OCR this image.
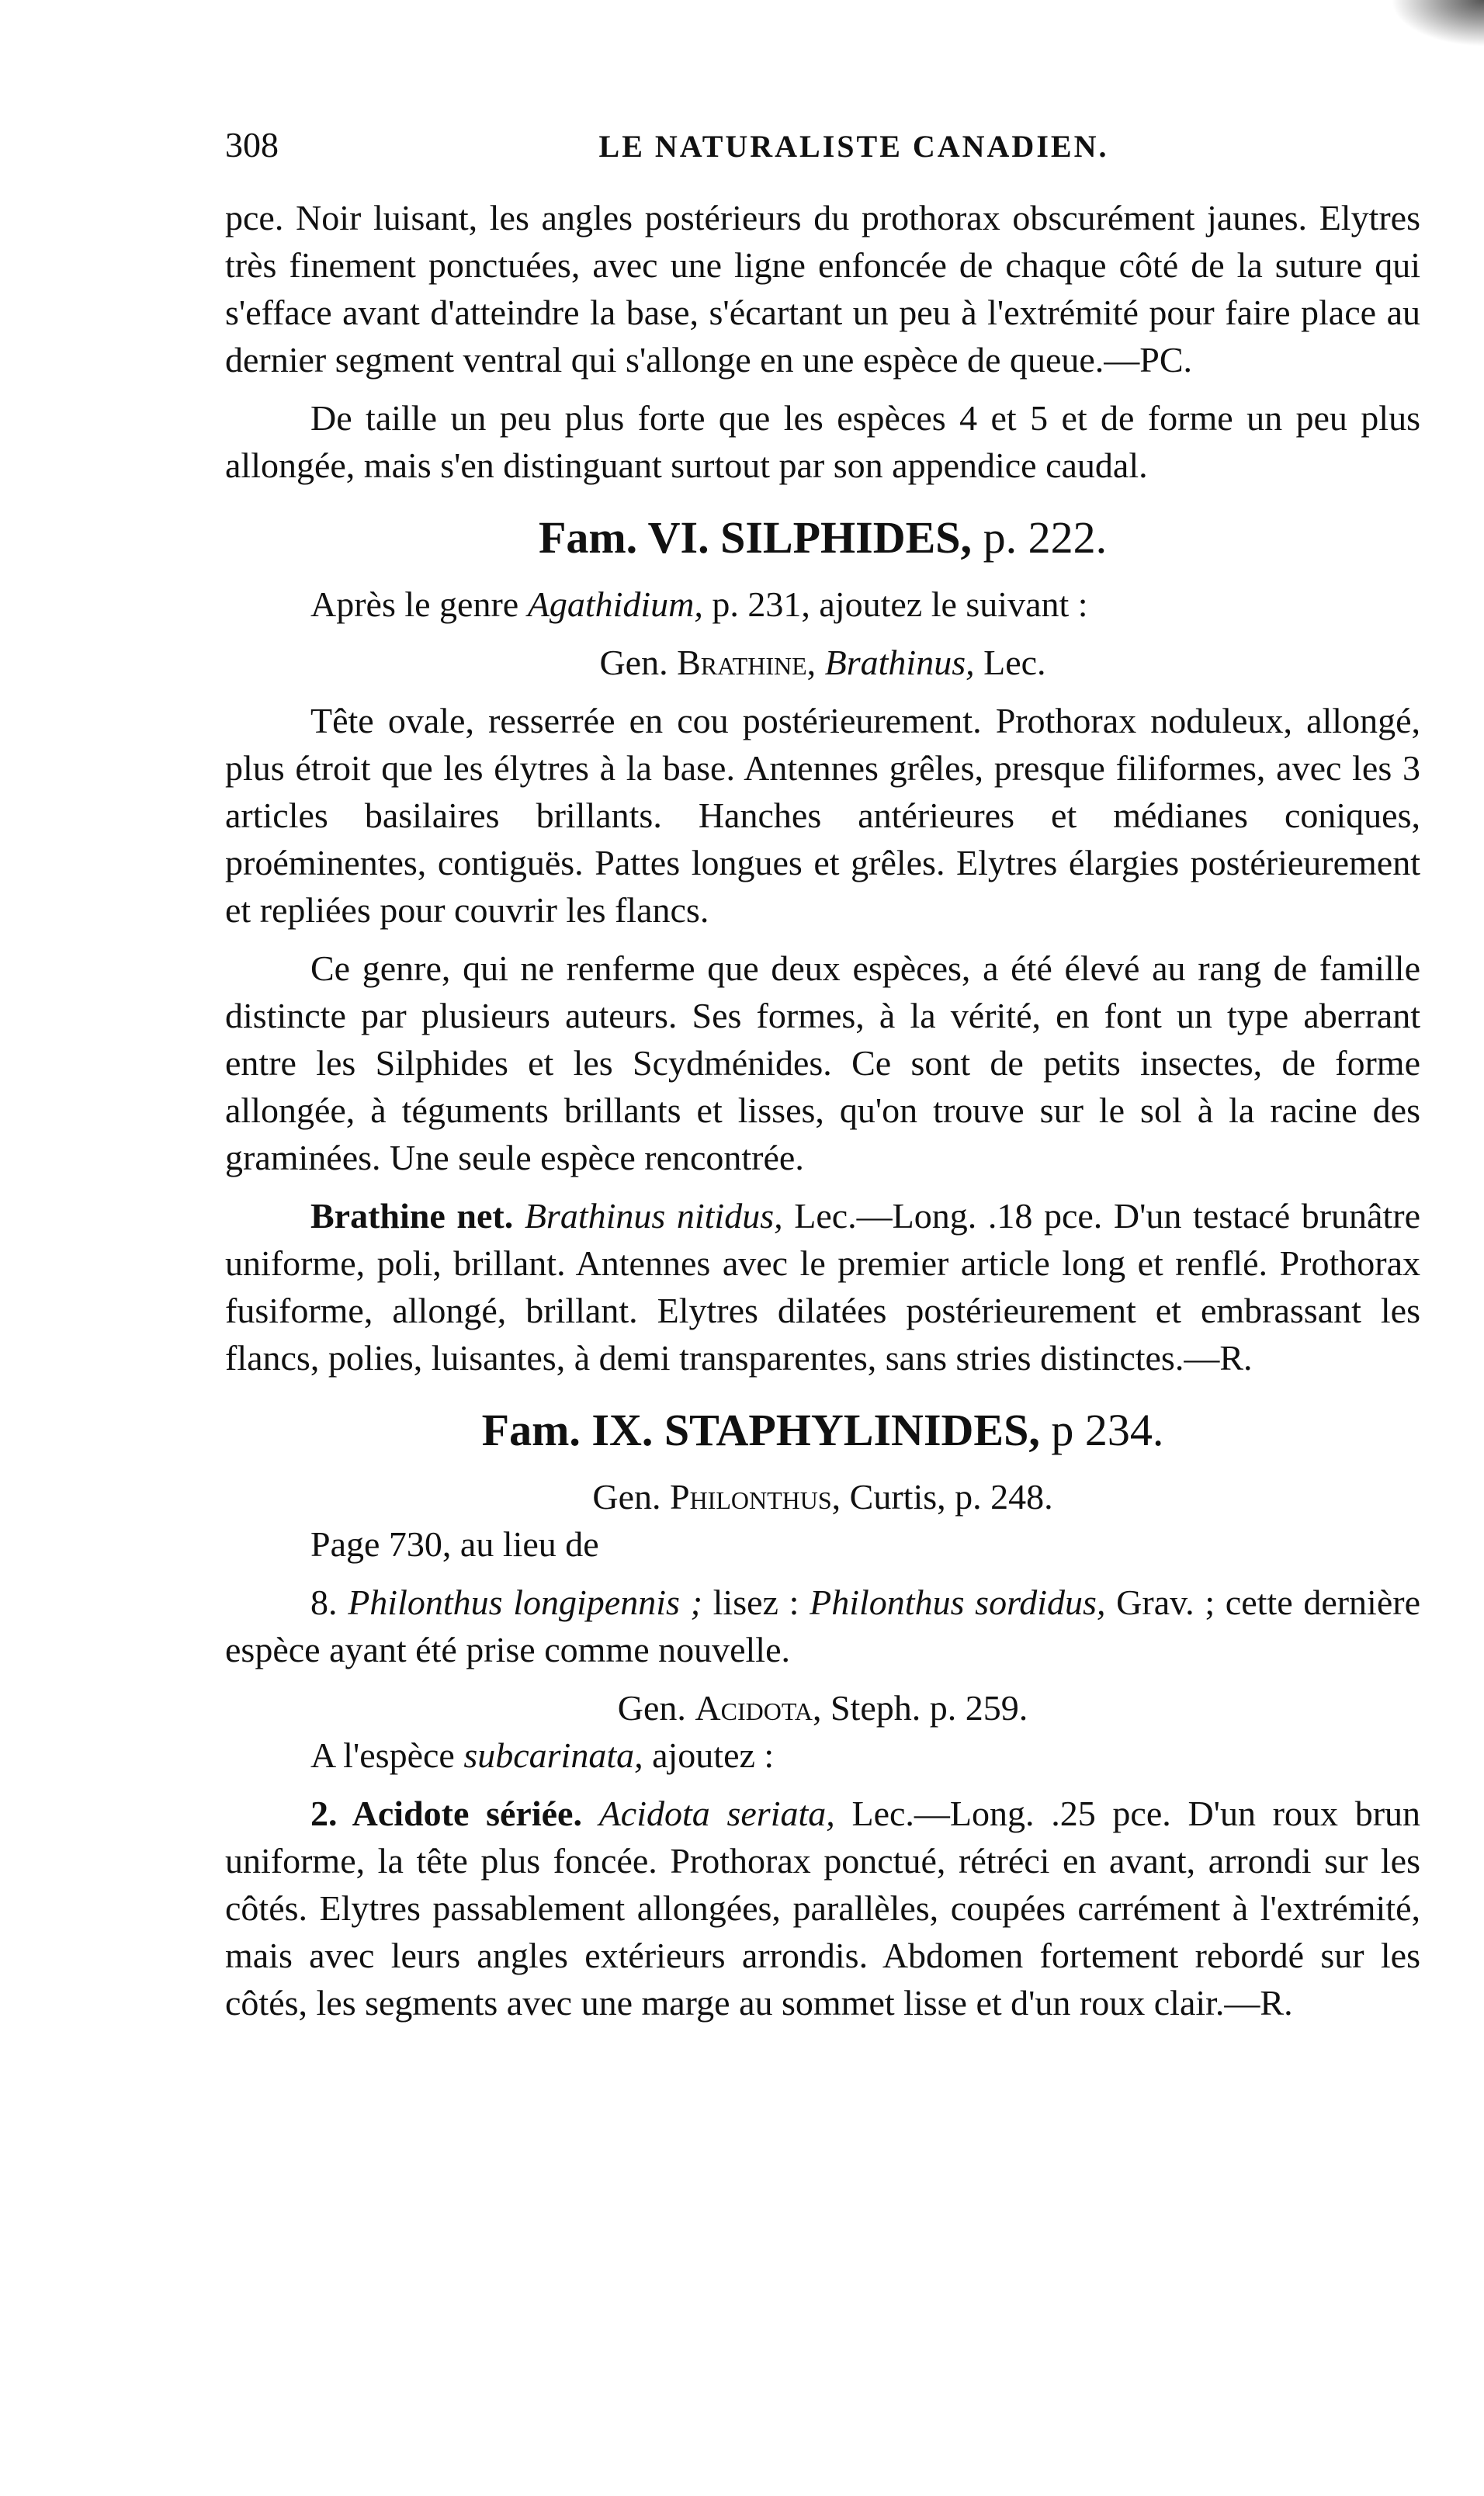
308	LE NATURALISTE CANADIEN.

pce. Noir luisant, les angles postérieurs du prothorax obscurément jaunes. Elytres très finement ponctuées, avec une ligne enfoncée de chaque côté de la suture qui s'efface avant d'atteindre la base, s'écartant un peu à l'extrémité pour faire place au dernier segment ventral qui s'allonge en une espèce de queue.—PC.

De taille un peu plus forte que les espèces 4 et 5 et de forme un peu plus allongée, mais s'en distinguant surtout par son appendice caudal.

Fam. VI. SILPHIDES, p. 222.

Après le genre Agathidium, p. 231, ajoutez le suivant :

Gen. Brathine, Brathinus, Lec.

Tête ovale, resserrée en cou postérieurement. Prothorax noduleux, allongé, plus étroit que les élytres à la base. Antennes grêles, presque filiformes, avec les 3 articles basilaires brillants. Hanches antérieures et médianes coniques, proéminentes, contiguës. Pattes longues et grêles. Elytres élargies postérieurement et repliées pour couvrir les flancs.

Ce genre, qui ne renferme que deux espèces, a été élevé au rang de famille distincte par plusieurs auteurs. Ses formes, à la vérité, en font un type aberrant entre les Silphides et les Scydménides. Ce sont de petits insectes, de forme allongée, à téguments brillants et lisses, qu'on trouve sur le sol à la racine des graminées. Une seule espèce rencontrée.

Brathine net. Brathinus nitidus, Lec.—Long. .18 pce. D'un testacé brunâtre uniforme, poli, brillant. Antennes avec le premier article long et renflé. Prothorax fusiforme, allongé, brillant. Elytres dilatées postérieurement et embrassant les flancs, polies, luisantes, à demi transparentes, sans stries distinctes.—R.

Fam. IX. STAPHYLINIDES, p 234.

Gen. Philonthus, Curtis, p. 248.

Page 730, au lieu de

8. Philonthus longipennis ; lisez : Philonthus sordidus, Grav. ; cette dernière espèce ayant été prise comme nouvelle.

Gen. Acidota, Steph. p. 259.

A l'espèce subcarinata, ajoutez :

2. Acidote sériée. Acidota seriata, Lec.—Long. .25 pce. D'un roux brun uniforme, la tête plus foncée. Prothorax ponctué, rétréci en avant, arrondi sur les côtés. Elytres passablement allongées, parallèles, coupées carrément à l'extrémité, mais avec leurs angles extérieurs arrondis. Abdomen fortement rebordé sur les côtés, les segments avec une marge au sommet lisse et d'un roux clair.—R.
